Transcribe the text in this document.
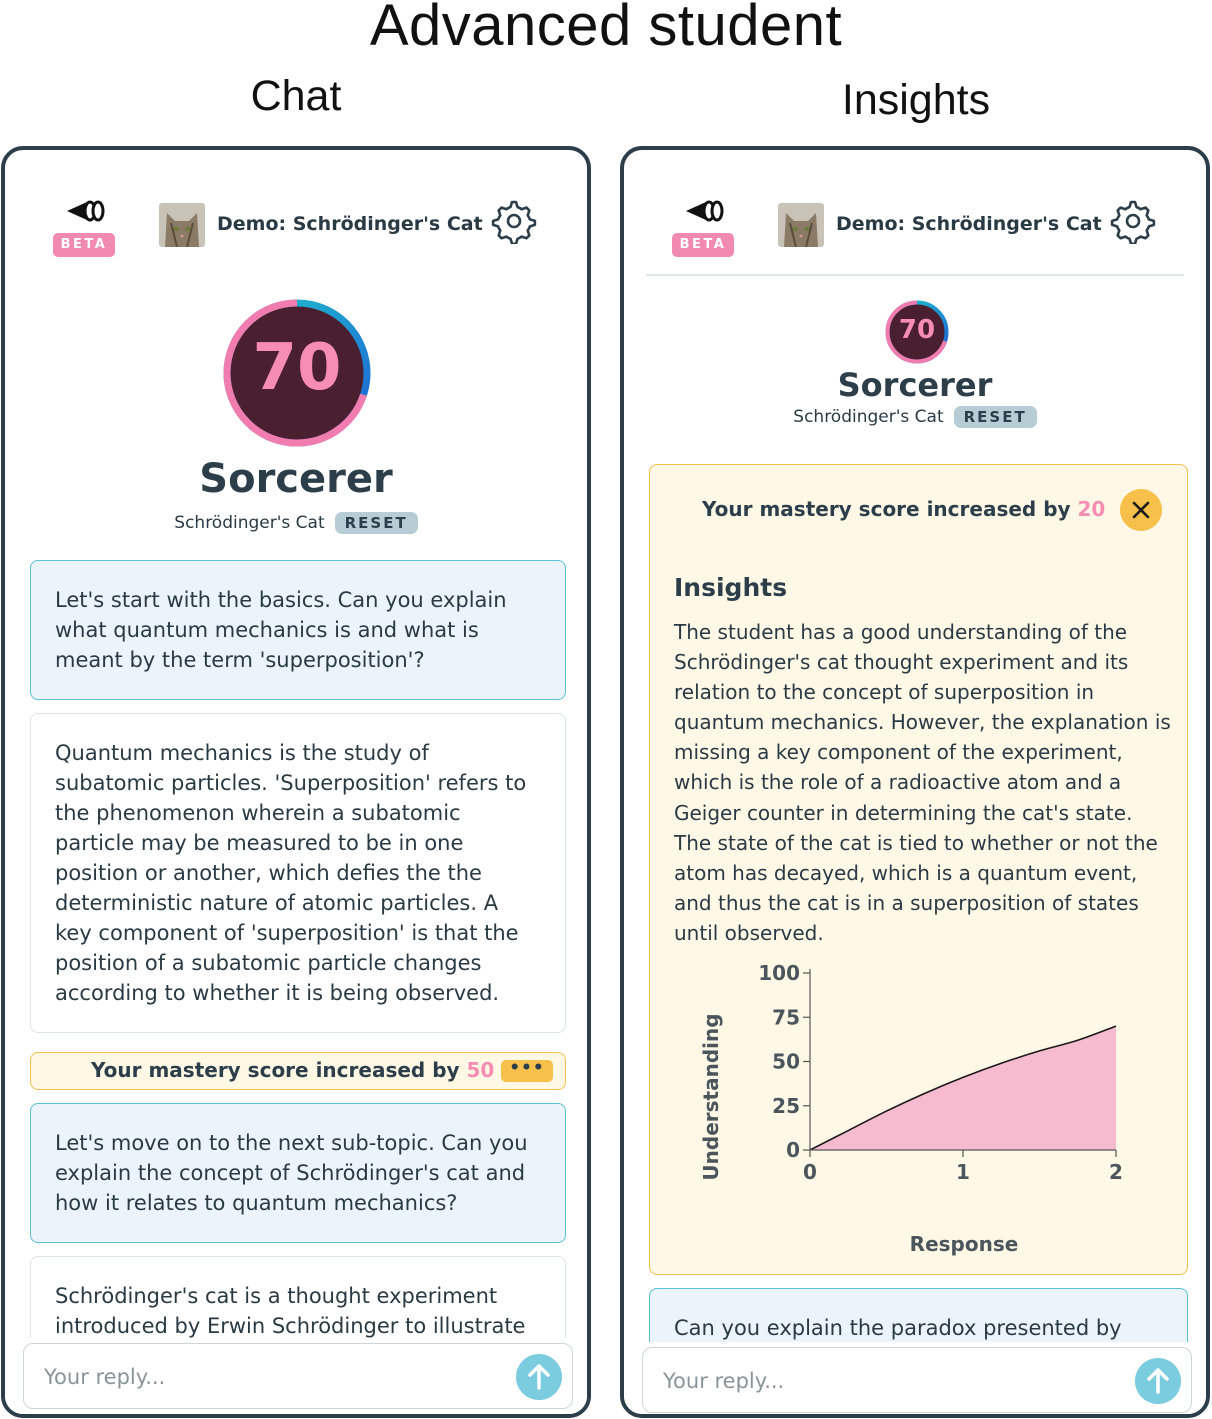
Advanced student
Chat	Insights
BETA
Demo: Schrödinger's Cat
70
Sorcerer
Schrödinger's Cat RESET
Let's start with the basics. Can you explain what quantum mechanics is and what is meant by the term 'superposition'?
Quantum mechanics is the study of subatomic particles. 'Superposition' refers to the phenomenon wherein a subatomic particle may be measured to be in one position or another, which defies the the deterministic nature of atomic particles. A key component of 'superposition' is that the position of a subatomic particle changes according to whether it is being observed.
Your mastery score increased by 50 •••
Let's move on to the next sub-topic. Can you explain the concept of Schrödinger's cat and how it relates to quantum mechanics?
Schrödinger's cat is a thought experiment introduced by Erwin Schrödinger to illustrate
Your reply...
BETA
Demo: Schrödinger's Cat
70
Sorcerer
Schrödinger's Cat RESET
Your mastery score increased by 20
Insights
The student has a good understanding of the Schrödinger's cat thought experiment and its relation to the concept of superposition in quantum mechanics. However, the explanation is missing a key component of the experiment, which is the role of a radioactive atom and a Geiger counter in determining the cat's state. The state of the cat is tied to whether or not the atom has decayed, which is a quantum event, and thus the cat is in a superposition of states until observed.
0
25
50
75
100
0	1	2
Understanding
Response
Can you explain the paradox presented by
Your reply...
